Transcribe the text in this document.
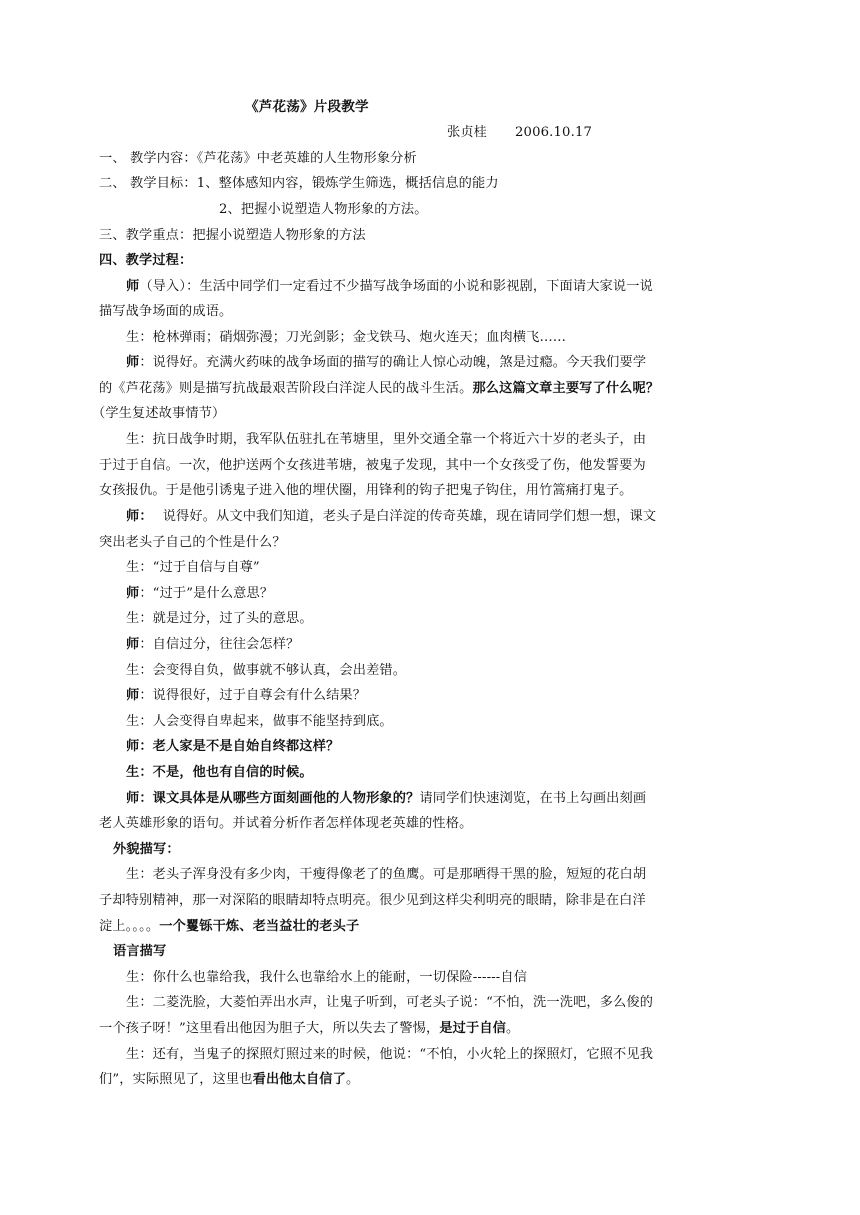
《芦花荡》片段教学
张贞桂 2006.10.17
一、 教学内容：《芦花荡》中老英雄的人生物形象分析
二、 教学目标：1、整体感知内容，锻炼学生筛选，概括信息的能力
2、把握小说塑造人物形象的方法。
三、教学重点：把握小说塑造人物形象的方法
四、教学过程：
师（导入）：生活中同学们一定看过不少描写战争场面的小说和影视剧，下面请大家说一说
描写战争场面的成语。
生：枪林弹雨；硝烟弥漫；刀光剑影；金戈铁马、炮火连天；血肉横飞……
师：说得好。充满火药味的战争场面的描写的确让人惊心动魄，煞是过瘾。今天我们要学
的《芦花荡》则是描写抗战最艰苦阶段白洋淀人民的战斗生活。那么这篇文章主要写了什么呢？
（学生复述故事情节）
生：抗日战争时期，我军队伍驻扎在苇塘里，里外交通全靠一个将近六十岁的老头子，由
于过于自信。一次，他护送两个女孩进苇塘，被鬼子发现，其中一个女孩受了伤，他发誓要为
女孩报仇。于是他引诱鬼子进入他的埋伏圈，用锋利的钩子把鬼子钩住，用竹篙痛打鬼子。
师： 说得好。从文中我们知道，老头子是白洋淀的传奇英雄，现在请同学们想一想，课文
突出老头子自己的个性是什么？
生：“过于自信与自尊”
师：“过于”是什么意思？
生：就是过分，过了头的意思。
师：自信过分，往往会怎样？
生：会变得自负，做事就不够认真，会出差错。
师：说得很好，过于自尊会有什么结果？
生：人会变得自卑起来，做事不能坚持到底。
师：老人家是不是自始自终都这样？
生：不是，他也有自信的时候。
师：课文具体是从哪些方面刻画他的人物形象的？请同学们快速浏览，在书上勾画出刻画
老人英雄形象的语句。并试着分析作者怎样体现老英雄的性格。
外貌描写：
生：老头子浑身没有多少肉，干瘦得像老了的鱼鹰。可是那晒得干黑的脸，短短的花白胡
子却特别精神，那一对深陷的眼睛却特点明亮。很少见到这样尖利明亮的眼睛，除非是在白洋
淀上。。。。一个矍铄干炼、老当益壮的老头子
语言描写
生：你什么也靠给我，我什么也靠给水上的能耐，一切保险------自信
生：二菱洗脸，大菱怕弄出水声，让鬼子听到，可老头子说：“不怕，洗一洗吧，多么俊的
一个孩子呀！”这里看出他因为胆子大，所以失去了警惕，是过于自信。
生：还有，当鬼子的探照灯照过来的时候，他说：“不怕，小火轮上的探照灯，它照不见我
们”，实际照见了，这里也看出他太自信了。
